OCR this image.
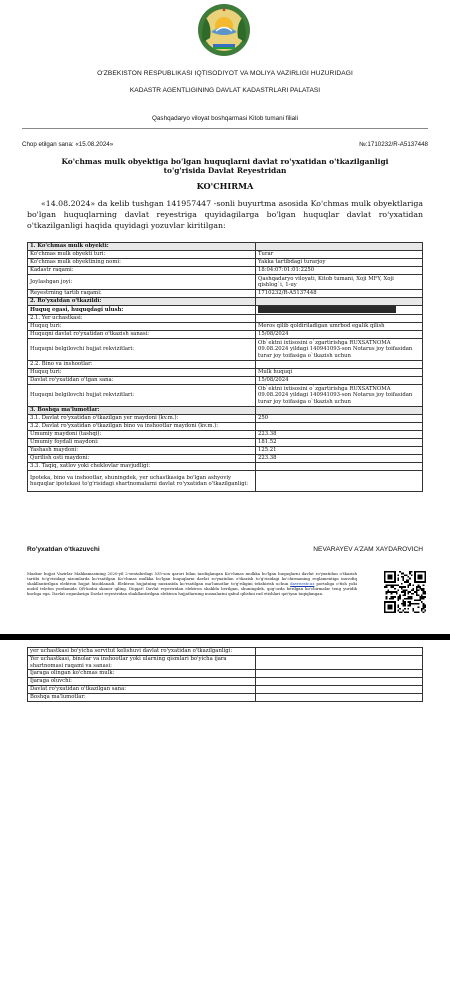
O'ZBEKISTON RESPUBLIKASI IQTISODIYOT VA MOLIYA VAZIRLIGI HUZURIDAGI
KADASTR AGENTLIGINING DAVLAT KADASTRLARI PALATASI
Qashqadaryo viloyat boshqarmasi Kitob tumani filiali
Chop etilgan sana: «15.08.2024»	№:1710232/R-A5137448
Ko'chmas mulk obyektiga bo'lgan huquqlarni davlat ro'yxatidan o'tkazilganligi to'g'risida Davlat Reyestridan
KO'CHIRMA
«14.08.2024» da kelib tushgan 141957447 -sonli buyurtma asosida Ko'chmas mulk obyektlariga bo'lgan huquqlarning davlat reyestriga quyidagilarga bo'lgan huquqlar davlat ro'yxatidan o'tkazilganligi haqida quyidagi yozuvlar kiritilgan:
1. Ko'chmas mulk obyekti:	
Ko'chmas mulk obyekti turi:	Turar
Ko'chmas mulk obyektining nomi:	Yakka tartibdagi turarjoy
Kadastr raqami:	18:04:07:01:01:2250
Joylashgan joyi:	Qashqadaryo viloyati, Kitob tumani, Xoji MFY, Xoji qishlog`i, 1-uy
Reyestrning tartib raqami:	1710232/R-A5137448
2. Ro'yxatdan o'tkazildi:	
Huquq egasi, huquqdagi ulush:	
2.1. Yer uchastkasi:	
Huquq turi:	Meros qilib qoldiriladigan umrbod egalik qilish
Huquqni davlat ro'yxatidan o'tkazish sanasi:	15/08/2024
Huquqni belgilovchi hujjat rekvizitlari:	Ob`ektni ixtisosini o`zgartirishga RUXSATNOMA 09.08.2024 yildagi 140941093-son Notarus joy toifasidan turar joy toifasiga o`tkazish uchun
2.2. Bino va inshootlar:	
Huquq turi:	Mulk huquqi
Davlat ro'yxatidan o'tgan sana:	15/08/2024
Huquqni belgilovchi hujjat rekvizitlari:	Ob`ektni ixtisosini o`zgartirishga RUXSATNOMA 09.08.2024 yildagi 140941093-son Notarus joy toifasidan turar joy toifasiga o`tkazish uchun
3. Boshqa ma'lumotlar:	
3.1. Davlat ro'yxatidan o'tkazilgan yer maydoni (kv.m.):	250
3.2. Davlat ro'yxatidan o'tkazilgan bino va inshootlar maydoni (kv.m.):	
Umumiy maydoni (tashqi):	223.38
Umumiy foydali maydoni:	181.52
Yashash maydoni:	125.21
Qurilish osti maydoni:	223.38
3.3. Taqiq, xatlov yoki cheklovlar mavjudligi:	
Ipoteka, bino va inshootlar, shuningdek, yer uchastkasiga bo'lgan ashyoviy huquqlar ipotekasi to'g'risidagi shartnomalarni davlat ro'yxatidan o'tkazilganligi:	
Ro'yxatdan o'tkazuvchi	NEVARAYEV A'ZAM XAYDAROVICH
Mazkur hujjat Vazirlar Mahkamasining 2020-yil 2-sentabrdagi 535-son qarori bilan tasdiqlangan Ko'chmas mulkka bo'lgan huquqlarni davlat ro'yxatidan o'tkazish tartibi to'g'risidagi nizomlarda ko'rsatilgan Ko'chmas mulkka bo'lgan huquqlarni davlat ro'yxatidan o'tkazish to'g'risidagi ko'chirmaning reglamentiga muvofiq shakllantirilgan elektron hujjat hisoblanadi. Elektron hujjatning nusxasida ko'rsatilgan ma'lumotlar to'g'riligini tekshirish uchun davreestr.uz portaliga o'tish yoki mobil telefon yordamida QR-kodni skaner qiling. Diqqat! Davlat reyestridan elektron shaklda berilgan, shuningdek, qog'ozda berilgan ko'chirmalar teng yuridik kuchga ega. Davlat organlariga Davlat reyestridan shakllantirilgan elektron hujjatlarning nusxalarini qabul qilishni rad etishlari qat'iyan taqiqlangan.
yer uchastkasi bo'yicha servitut kelishuvi davlat ro'yxatidan o'tkazilganligi:	
Yer uchastkasi, binolar va inshootlar yoki ularning qismlari bo'yicha ijara shartnomasi raqami va sanasi:	
Ijaraga olingan ko'chmas mulk:	
Ijaraga oluvchi:	
Davlat ro'yxatidan o'tkazilgan sana:	
Boshqa ma'lumotlar:	
